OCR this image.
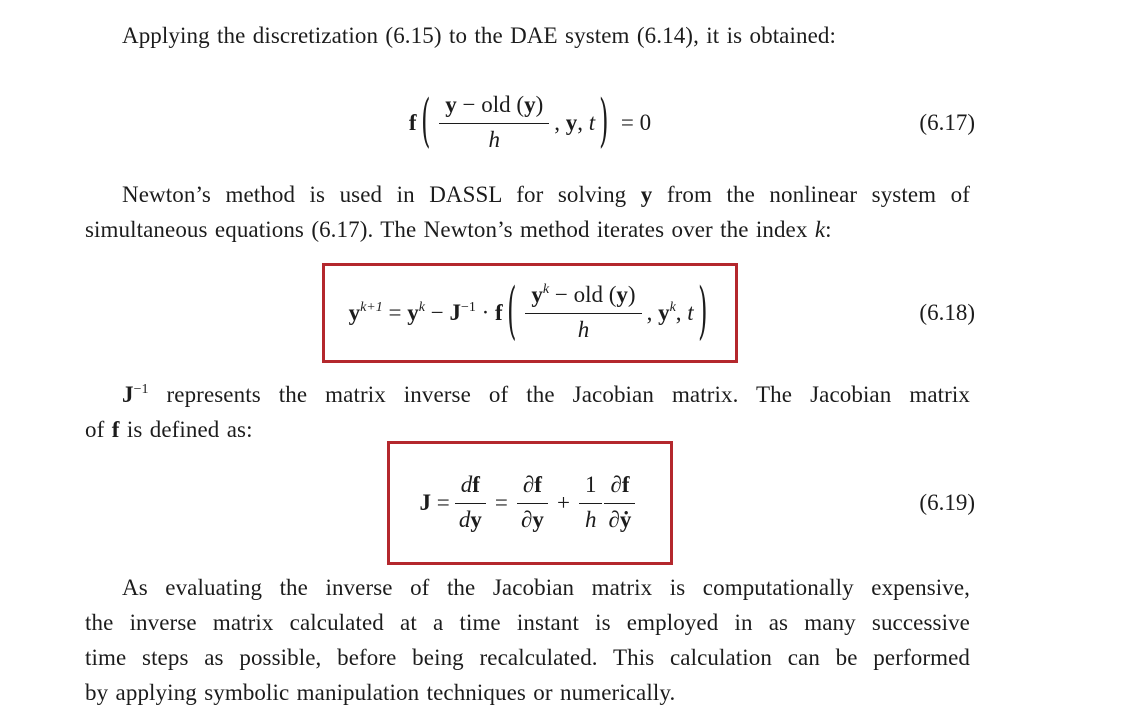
Applying the discretization (6.15) to the DAE system (6.14), it is obtained:
f ( $\frac{\text{y − old (y)}}{h}$ , y, t ) = 0	(6.17)
Newton’s method is used in DASSL for solving y from the nonlinear system of
simultaneous equations (6.17). The Newton’s method iterates over the index k:
$y^{k+1} = y^k - J^{-1} \cdot f$ ( $\frac{y^k - old (y)}{h}$ , $y^k$, t )	(6.18)
$J^{-1}$ represents the matrix inverse of the Jacobian matrix. The Jacobian matrix
of f is defined as:
$J = \frac{df}{dy} = \frac{\partial f}{\partial y} + \frac{1}{h} \frac{\partial f}{\text{∂ẏ}}$	(6.19)
As evaluating the inverse of the Jacobian matrix is computationally expensive,
the inverse matrix calculated at a time instant is employed in as many successive
time steps as possible, before being recalculated. This calculation can be performed
by applying symbolic manipulation techniques or numerically.
